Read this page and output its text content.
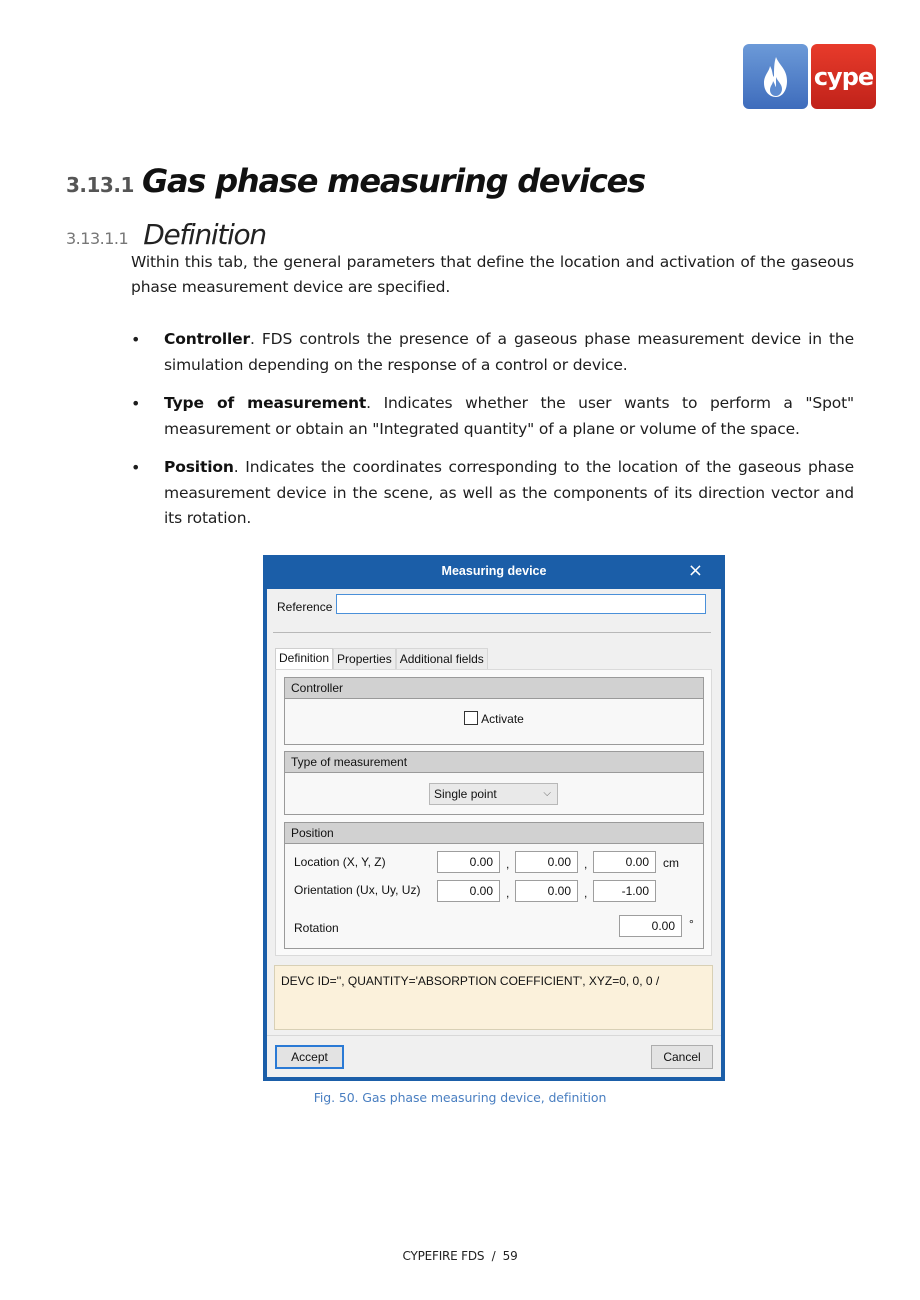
cype
3.13.1 Gas phase measuring devices
3.13.1.1 Definition

Within this tab, the general parameters that define the location and activation of the gaseous phase measurement device are specified.

• Controller. FDS controls the presence of a gaseous phase measurement device in the simulation depending on the response of a control or device.
• Type of measurement. Indicates whether the user wants to perform a "Spot" measurement or obtain an "Integrated quantity" of a plane or volume of the space.
• Position. Indicates the coordinates corresponding to the location of the gaseous phase measurement device in the scene, as well as the components of its direction vector and its rotation.
Measuring device	×
Reference
Definition Properties Additional fields
Controller
Activate
Type of measurement
Single point	⌵
Position
Location (X, Y, Z)	0.00	,	0.00	,	0.00	cm
Orientation (Ux, Uy, Uz)	0.00	,	0.00	,	-1.00
Rotation	0.00	°
DEVC ID='', QUANTITY='ABSORPTION COEFFICIENT', XYZ=0, 0, 0 /
Accept	Cancel
Fig. 50. Gas phase measuring device, definition
CYPEFIRE FDS  /  59
